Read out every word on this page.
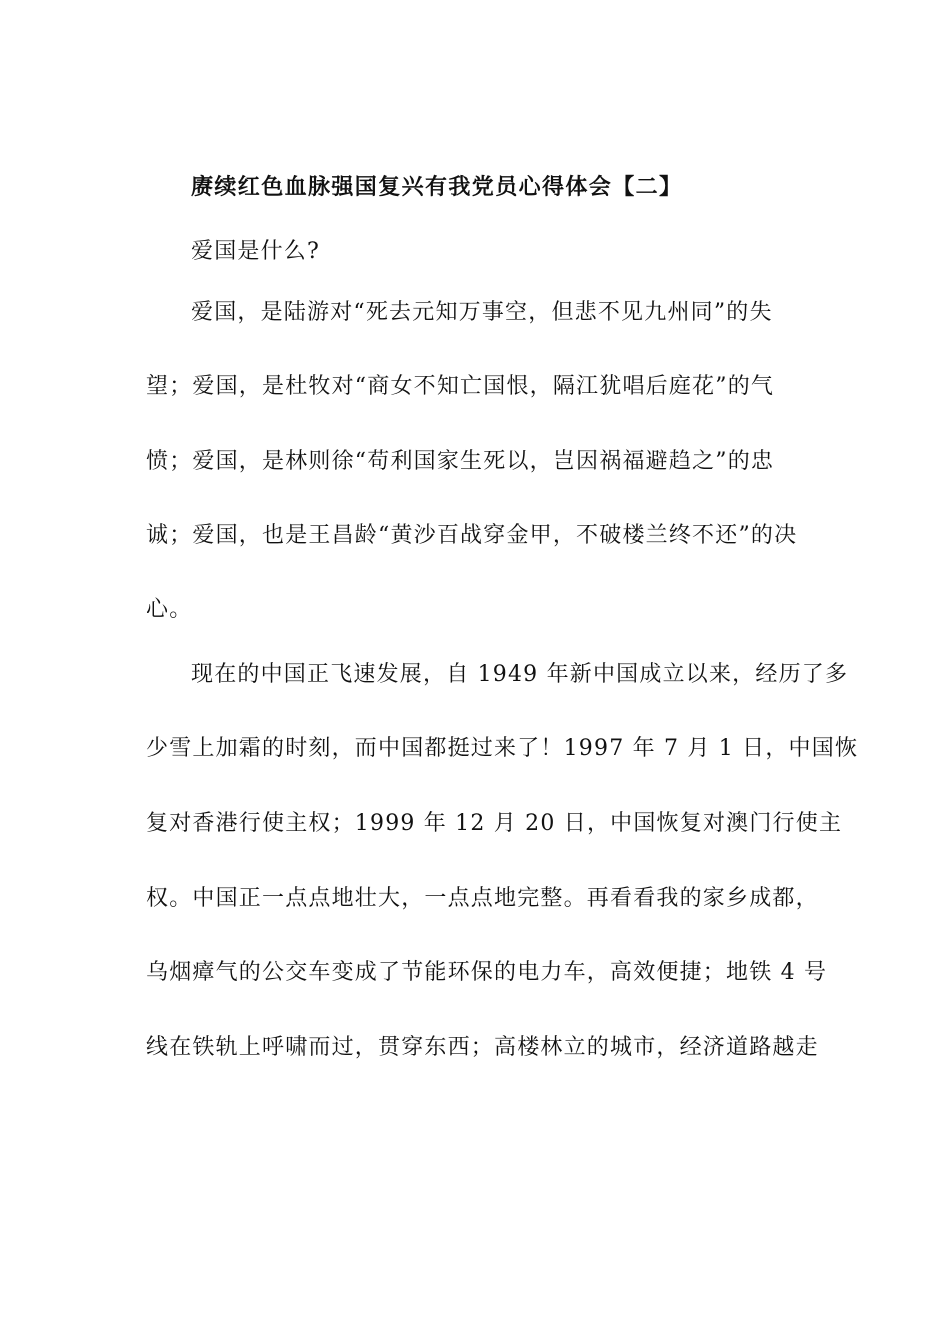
赓续红色血脉强国复兴有我党员心得体会【二】
爱国是什么?
爱国，是陆游对“死去元知万事空，但悲不见九州同”的失
望；爱国，是杜牧对“商女不知亡国恨，隔江犹唱后庭花”的气
愤；爱国，是林则徐“苟利国家生死以，岂因祸福避趋之”的忠
诚；爱国，也是王昌龄“黄沙百战穿金甲，不破楼兰终不还”的决
心。
现在的中国正飞速发展，自 1949 年新中国成立以来，经历了多
少雪上加霜的时刻，而中国都挺过来了！1997 年 7 月 1 日，中国恢
复对香港行使主权；1999 年 12 月 20 日，中国恢复对澳门行使主
权。中国正一点点地壮大，一点点地完整。再看看我的家乡成都，
乌烟瘴气的公交车变成了节能环保的电力车，高效便捷；地铁 4 号
线在铁轨上呼啸而过，贯穿东西；高楼林立的城市，经济道路越走
